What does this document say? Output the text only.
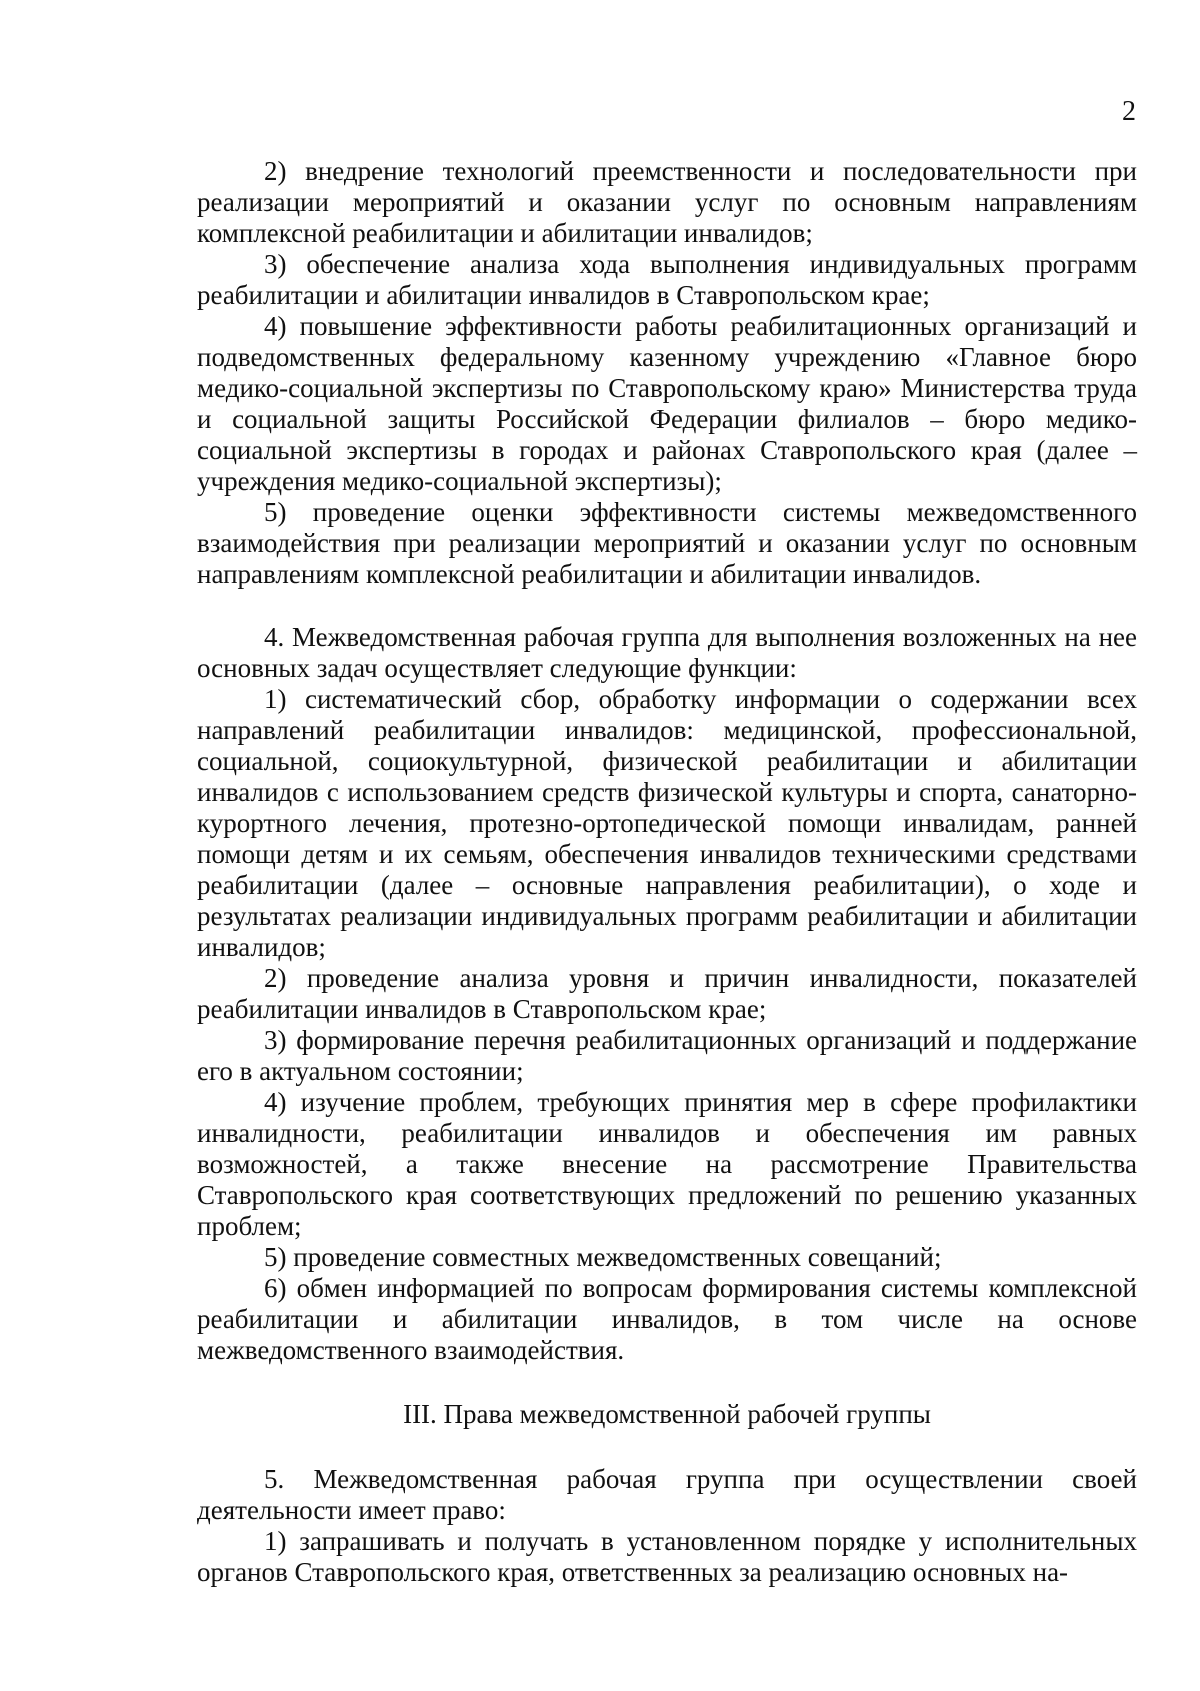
2

2) внедрение технологий преемственности и последовательности при реализации мероприятий и оказании услуг по основным направлениям комплексной реабилитации и абилитации инвалидов;

3) обеспечение анализа хода выполнения индивидуальных программ реабилитации и абилитации инвалидов в Ставропольском крае;

4) повышение эффективности работы реабилитационных организаций и подведомственных федеральному казенному учреждению «Главное бюро медико-социальной экспертизы по Ставропольскому краю» Министерства труда и социальной защиты Российской Федерации филиалов – бюро медико-социальной экспертизы в городах и районах Ставропольского края (далее – учреждения медико-социальной экспертизы);

5) проведение оценки эффективности системы межведомственного взаимодействия при реализации мероприятий и оказании услуг по основным направлениям комплексной реабилитации и абилитации инвалидов.

4. Межведомственная рабочая группа для выполнения возложенных на нее основных задач осуществляет следующие функции:

1) систематический сбор, обработку информации о содержании всех направлений реабилитации инвалидов: медицинской, профессиональной, социальной, социокультурной, физической реабилитации и абилитации инвалидов с использованием средств физической культуры и спорта, санаторно-курортного лечения, протезно-ортопедической помощи инвалидам, ранней помощи детям и их семьям, обеспечения инвалидов техническими средствами реабилитации (далее – основные направления реабилитации), о ходе и результатах реализации индивидуальных программ реабилитации и абилитации инвалидов;

2) проведение анализа уровня и причин инвалидности, показателей реабилитации инвалидов в Ставропольском крае;

3) формирование перечня реабилитационных организаций и поддержание его в актуальном состоянии;

4) изучение проблем, требующих принятия мер в сфере профилактики инвалидности, реабилитации инвалидов и обеспечения им равных возможностей, а также внесение на рассмотрение Правительства Ставропольского края соответствующих предложений по решению указанных проблем;

5) проведение совместных межведомственных совещаний;

6) обмен информацией по вопросам формирования системы комплексной реабилитации и абилитации инвалидов, в том числе на основе межведомственного взаимодействия.

III. Права межведомственной рабочей группы

5. Межведомственная рабочая группа при осуществлении своей деятельности имеет право:

1) запрашивать и получать в установленном порядке у исполнительных органов Ставропольского края, ответственных за реализацию основных на-
